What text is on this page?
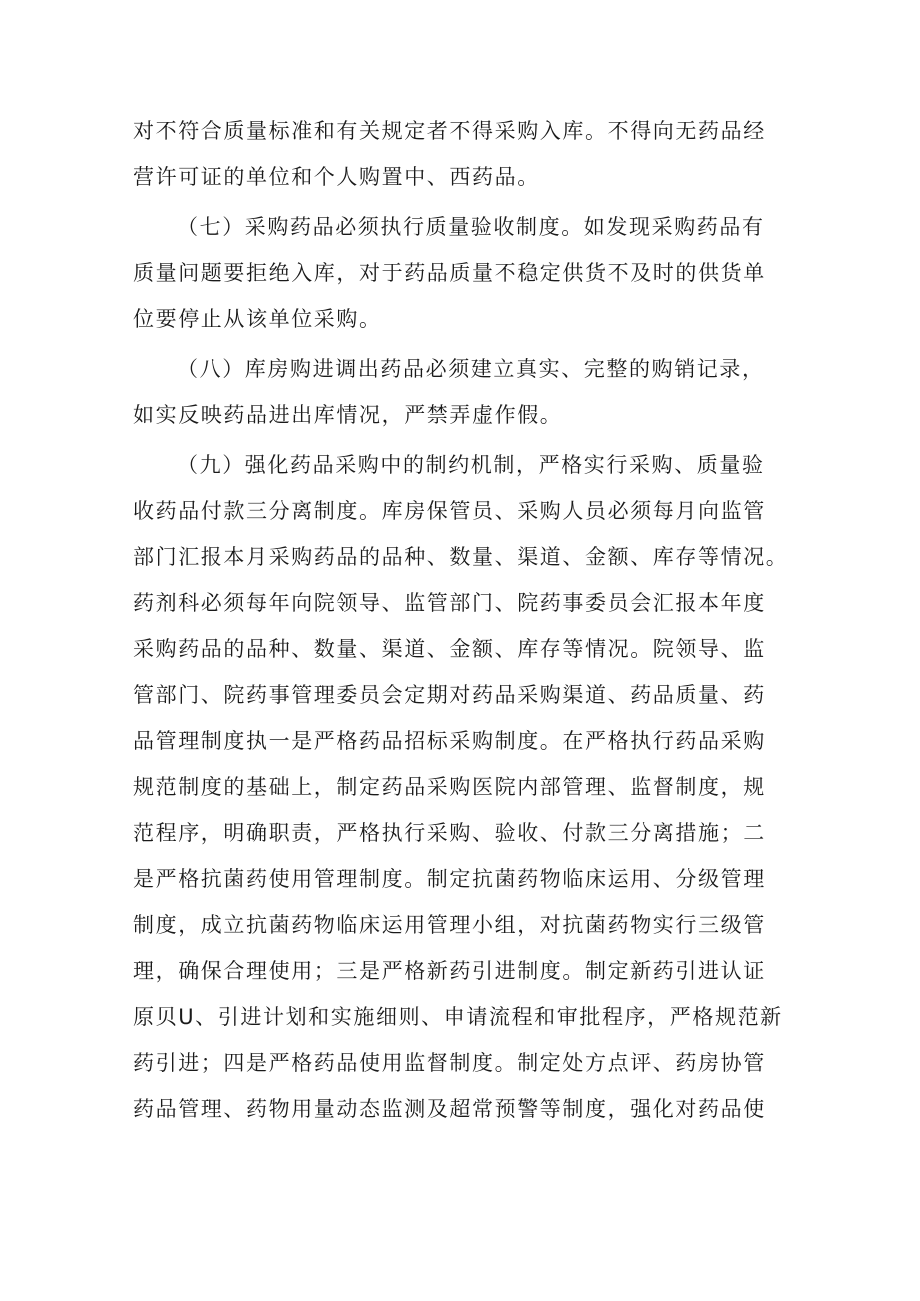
对不符合质量标准和有关规定者不得采购入库。不得向无药品经
营许可证的单位和个人购置中、西药品。
（七）采购药品必须执行质量验收制度。如发现采购药品有
质量问题要拒绝入库，对于药品质量不稳定供货不及时的供货单
位要停止从该单位采购。
（八）库房购进调出药品必须建立真实、完整的购销记录，
如实反映药品进出库情况，严禁弄虚作假。
（九）强化药品采购中的制约机制，严格实行采购、质量验
收药品付款三分离制度。库房保管员、采购人员必须每月向监管
部门汇报本月采购药品的品种、数量、渠道、金额、库存等情况。
药剂科必须每年向院领导、监管部门、院药事委员会汇报本年度
采购药品的品种、数量、渠道、金额、库存等情况。院领导、监
管部门、院药事管理委员会定期对药品采购渠道、药品质量、药
品管理制度执一是严格药品招标采购制度。在严格执行药品采购
规范制度的基础上，制定药品采购医院内部管理、监督制度，规
范程序，明确职责，严格执行采购、验收、付款三分离措施；二
是严格抗菌药使用管理制度。制定抗菌药物临床运用、分级管理
制度，成立抗菌药物临床运用管理小组，对抗菌药物实行三级管
理，确保合理使用；三是严格新药引进制度。制定新药引进认证
原贝U、引进计划和实施细则、申请流程和审批程序，严格规范新
药引进；四是严格药品使用监督制度。制定处方点评、药房协管
药品管理、药物用量动态监测及超常预警等制度，强化对药品使
